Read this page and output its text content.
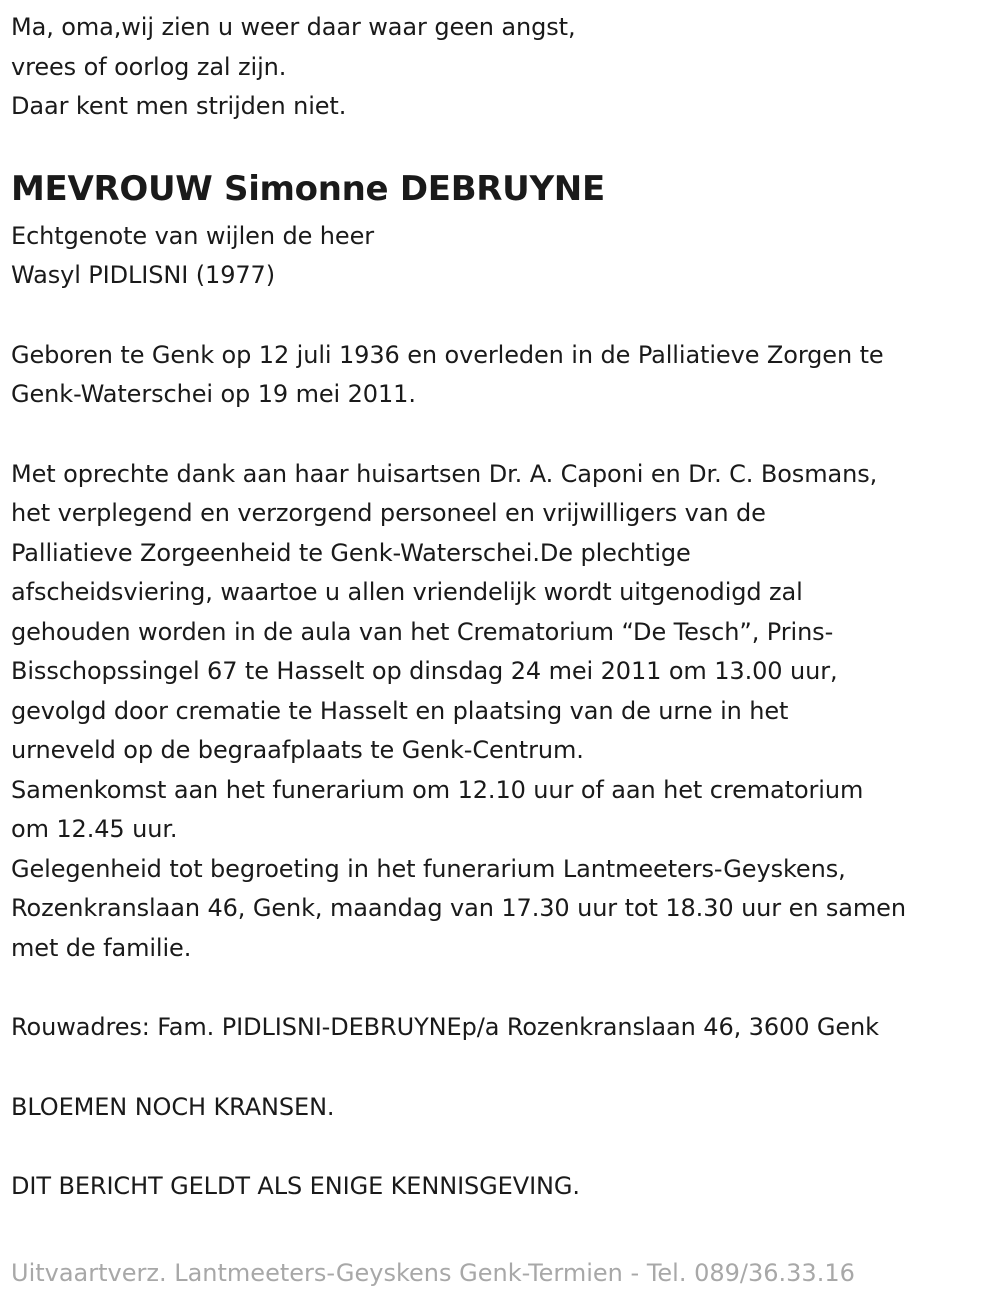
Ma, oma,wij zien u weer daar waar geen angst,
vrees of oorlog zal zijn.
Daar kent men strijden niet.
MEVROUW Simonne DEBRUYNE
Echtgenote van wijlen de heer
Wasyl PIDLISNI (1977)
Geboren te Genk op 12 juli 1936 en overleden in de Palliatieve Zorgen te
Genk-Waterschei op 19 mei 2011.
Met oprechte dank aan haar huisartsen Dr. A. Caponi en Dr. C. Bosmans,
het verplegend en verzorgend personeel en vrijwilligers van de
Palliatieve Zorgeenheid te Genk-Waterschei.De plechtige
afscheidsviering, waartoe u allen vriendelijk wordt uitgenodigd zal
gehouden worden in de aula van het Crematorium “De Tesch”, Prins-
Bisschopssingel 67 te Hasselt op dinsdag 24 mei 2011 om 13.00 uur,
gevolgd door crematie te Hasselt en plaatsing van de urne in het
urneveld op de begraafplaats te Genk-Centrum.
Samenkomst aan het funerarium om 12.10 uur of aan het crematorium
om 12.45 uur.
Gelegenheid tot begroeting in het funerarium Lantmeeters-Geyskens,
Rozenkranslaan 46, Genk, maandag van 17.30 uur tot 18.30 uur en samen
met de familie.
Rouwadres: Fam. PIDLISNI-DEBRUYNEp/a Rozenkranslaan 46, 3600 Genk
BLOEMEN NOCH KRANSEN.
DIT BERICHT GELDT ALS ENIGE KENNISGEVING.
Uitvaartverz. Lantmeeters-Geyskens Genk-Termien - Tel. 089/36.33.16
